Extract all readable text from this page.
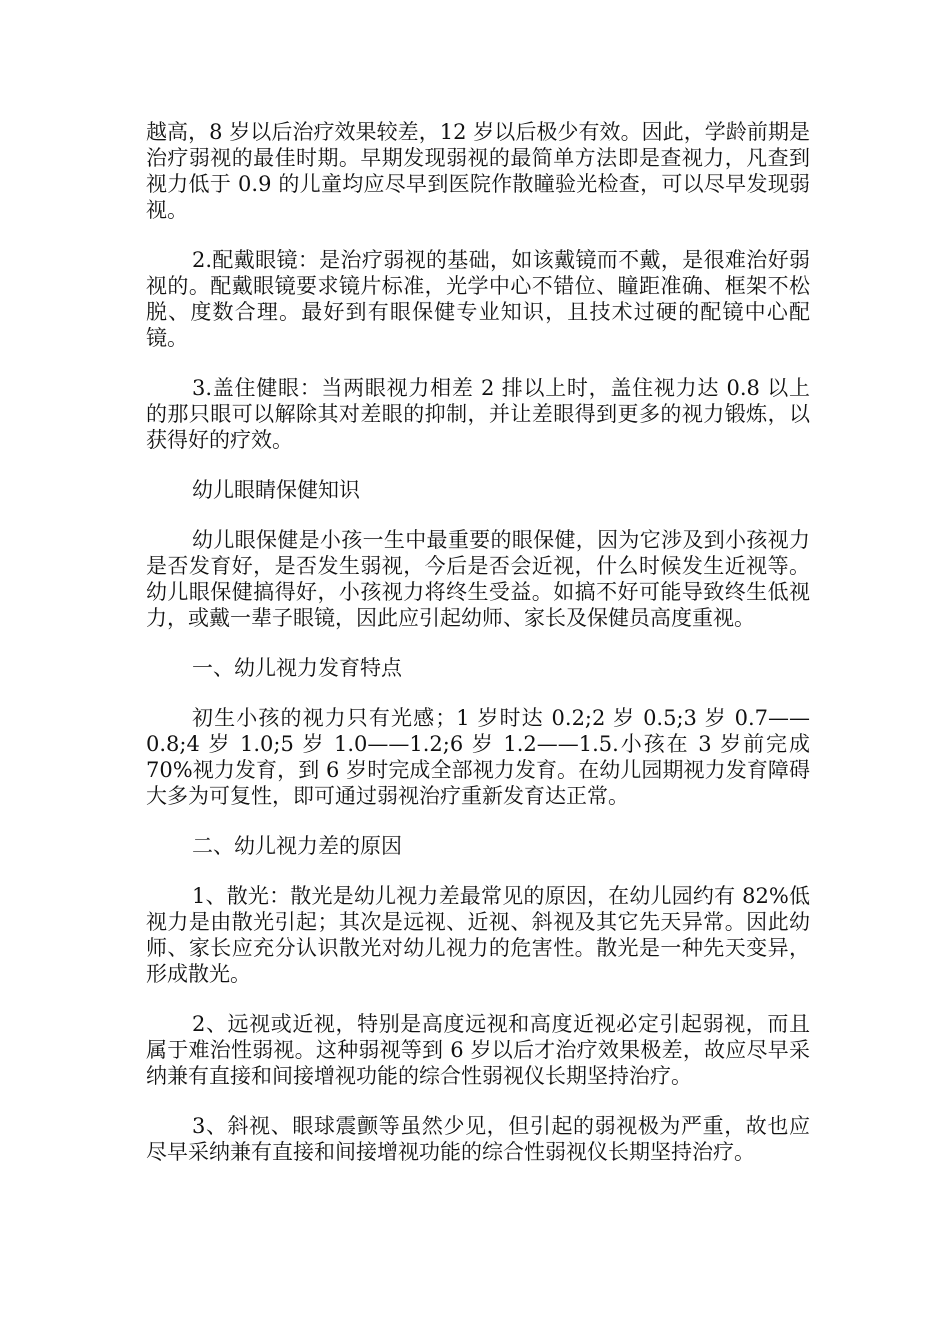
越高，8 岁以后治疗效果较差，12 岁以后极少有效。因此，学龄前期是治疗弱视的最佳时期。早期发现弱视的最简单方法即是查视力，凡查到视力低于 0.9 的儿童均应尽早到医院作散瞳验光检查，可以尽早发现弱视。

2.配戴眼镜：是治疗弱视的基础，如该戴镜而不戴，是很难治好弱视的。配戴眼镜要求镜片标准，光学中心不错位、瞳距准确、框架不松脱、度数合理。最好到有眼保健专业知识，且技术过硬的配镜中心配镜。

3.盖住健眼：当两眼视力相差 2 排以上时，盖住视力达 0.8 以上的那只眼可以解除其对差眼的抑制，并让差眼得到更多的视力锻炼，以获得好的疗效。

幼儿眼睛保健知识

幼儿眼保健是小孩一生中最重要的眼保健，因为它涉及到小孩视力是否发育好，是否发生弱视，今后是否会近视，什么时候发生近视等。幼儿眼保健搞得好，小孩视力将终生受益。如搞不好可能导致终生低视力，或戴一辈子眼镜，因此应引起幼师、家长及保健员高度重视。

一、幼儿视力发育特点

初生小孩的视力只有光感；1 岁时达 0.2;2 岁 0.5;3 岁 0.7——0.8;4 岁 1.0;5 岁 1.0——1.2;6 岁 1.2——1.5.小孩在 3 岁前完成 70%视力发育，到 6 岁时完成全部视力发育。在幼儿园期视力发育障碍大多为可复性，即可通过弱视治疗重新发育达正常。

二、幼儿视力差的原因

1、散光：散光是幼儿视力差最常见的原因，在幼儿园约有 82%低视力是由散光引起；其次是远视、近视、斜视及其它先天异常。因此幼师、家长应充分认识散光对幼儿视力的危害性。散光是一种先天变异，形成散光。

2、远视或近视，特别是高度远视和高度近视必定引起弱视，而且属于难治性弱视。这种弱视等到 6 岁以后才治疗效果极差，故应尽早采纳兼有直接和间接增视功能的综合性弱视仪长期坚持治疗。

3、斜视、眼球震颤等虽然少见，但引起的弱视极为严重，故也应尽早采纳兼有直接和间接增视功能的综合性弱视仪长期坚持治疗。
